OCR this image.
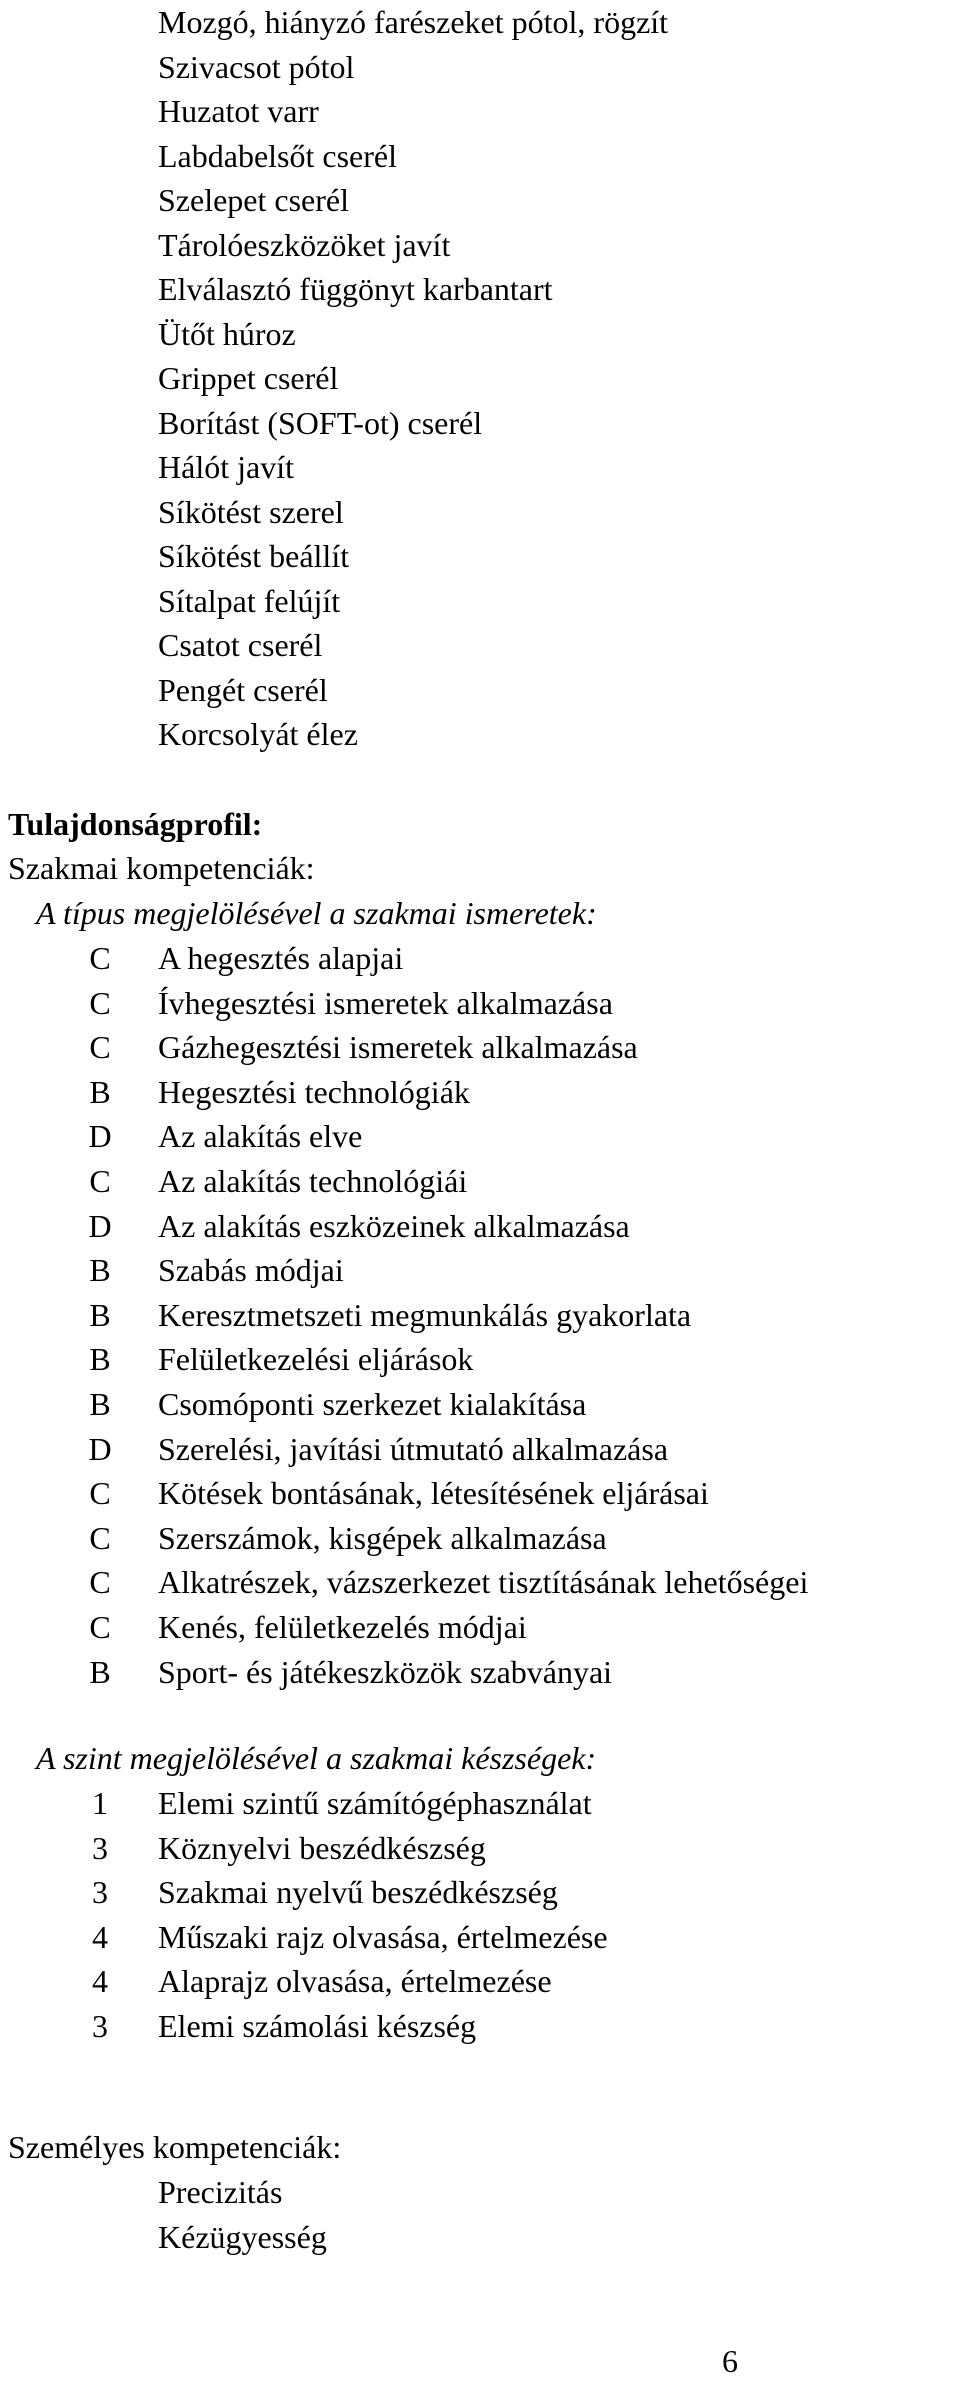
Mozgó, hiányzó farészeket pótol, rögzít
Szivacsot pótol
Huzatot varr
Labdabelsőt cserél
Szelepet cserél
Tárolóeszközöket javít
Elválasztó függönyt karbantart
Ütőt húroz
Grippet cserél
Borítást (SOFT-ot) cserél
Hálót javít
Síkötést szerel
Síkötést beállít
Sítalpat felújít
Csatot cserél
Pengét cserél
Korcsolyát élez
Tulajdonságprofil:
Szakmai kompetenciák:
A típus megjelölésével a szakmai ismeretek:
C A hegesztés alapjai
C Ívhegesztési ismeretek alkalmazása
C Gázhegesztési ismeretek alkalmazása
B Hegesztési technológiák
D Az alakítás elve
C Az alakítás technológiái
D Az alakítás eszközeinek alkalmazása
B Szabás módjai
B Keresztmetszeti megmunkálás gyakorlata
B Felületkezelési eljárások
B Csomóponti szerkezet kialakítása
D Szerelési, javítási útmutató alkalmazása
C Kötések bontásának, létesítésének eljárásai
C Szerszámok, kisgépek alkalmazása
C Alkatrészek, vázszerkezet tisztításának lehetőségei
C Kenés, felületkezelés módjai
B Sport- és játékeszközök szabványai
A szint megjelölésével a szakmai készségek:
1 Elemi szintű számítógéphasználat
3 Köznyelvi beszédkészség
3 Szakmai nyelvű beszédkészség
4 Műszaki rajz olvasása, értelmezése
4 Alaprajz olvasása, értelmezése
3 Elemi számolási készség
Személyes kompetenciák:
Precizitás
Kézügyesség
6
